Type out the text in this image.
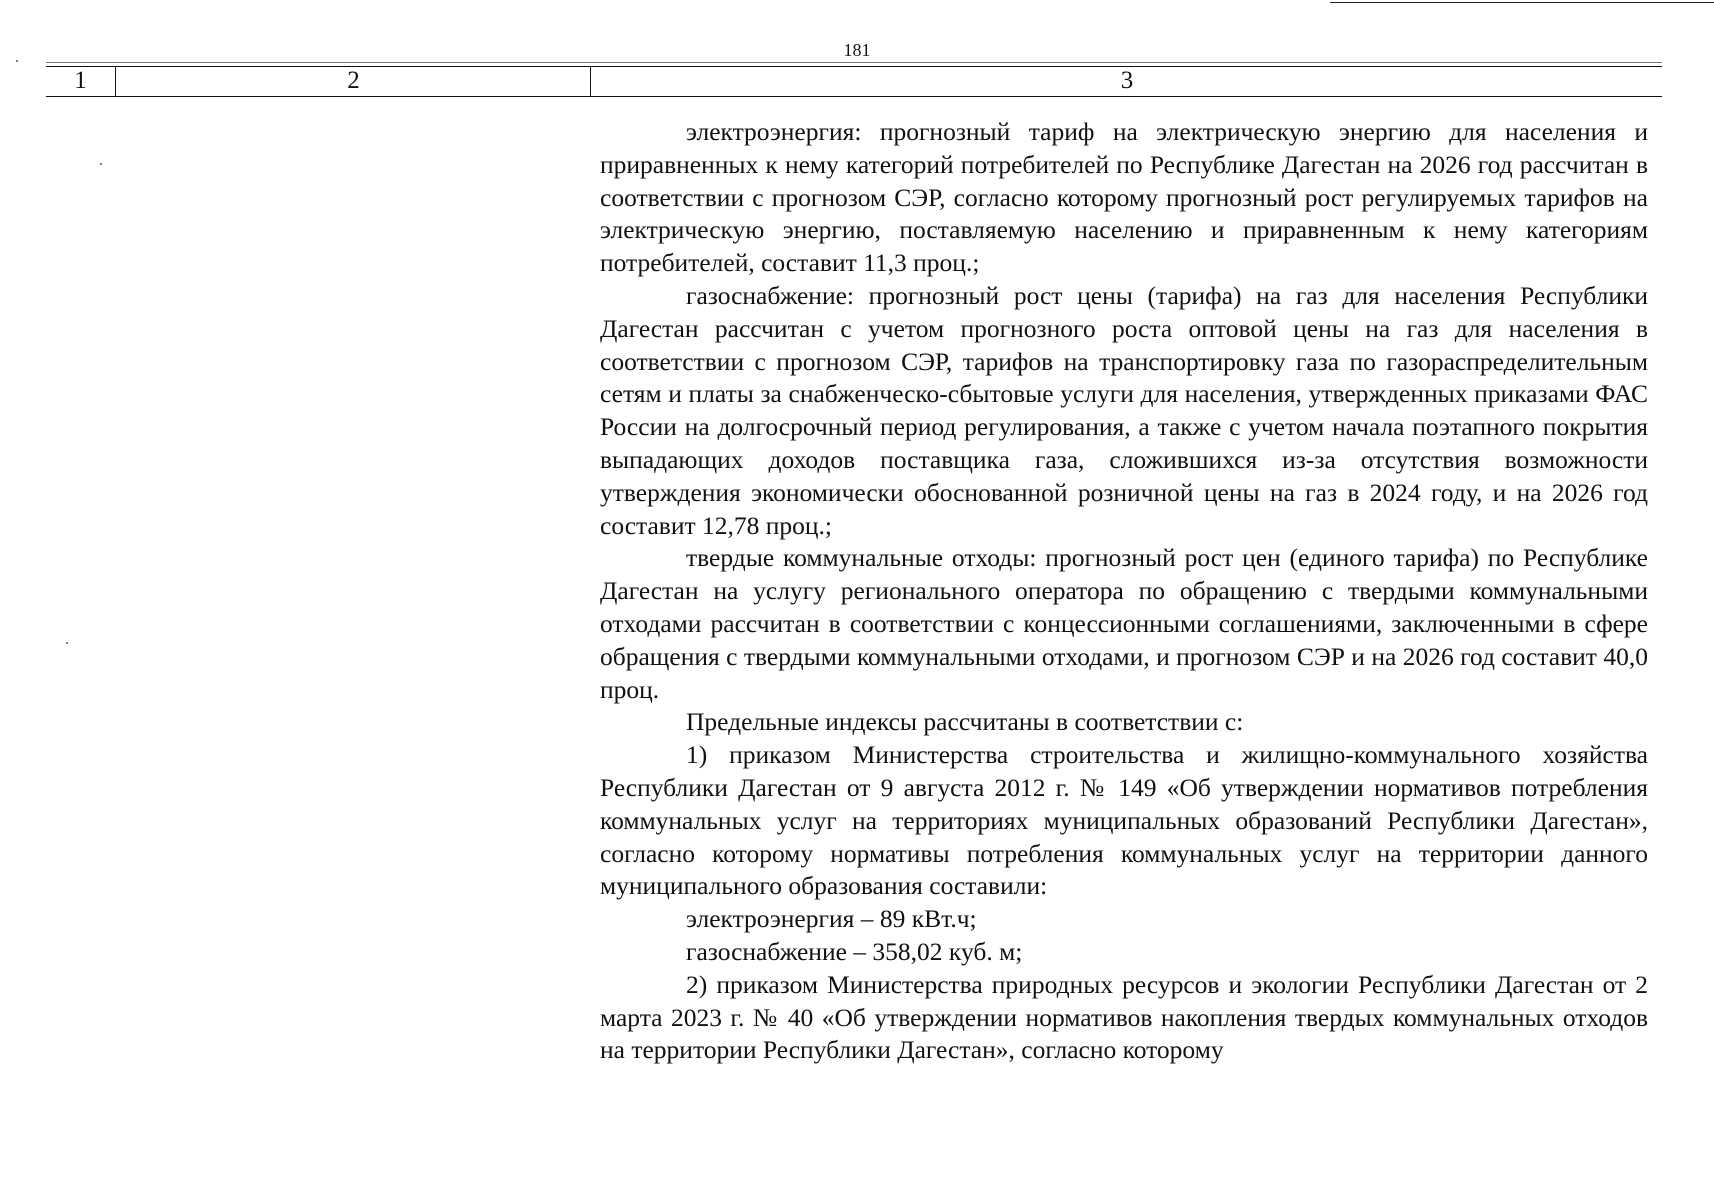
181
1	2	3

электроэнергия: прогнозный тариф на электрическую энергию для населения и приравненных к нему категорий потребителей по Республике Дагестан на 2026 год рассчитан в соответствии с прогнозом СЭР, согласно которому прогнозный рост регулируемых тарифов на электрическую энергию, поставляемую населению и приравненным к нему категориям потребителей, составит 11,3 проц.;

газоснабжение: прогнозный рост цены (тарифа) на газ для населения Республики Дагестан рассчитан с учетом прогнозного роста оптовой цены на газ для населения в соответствии с прогнозом СЭР, тарифов на транспортировку газа по газораспределительным сетям и платы за снабженческо-сбытовые услуги для населения, утвержденных приказами ФАС России на долгосрочный период регулирования, а также с учетом начала поэтапного покрытия выпадающих доходов поставщика газа, сложившихся из-за отсутствия возможности утверждения экономически обоснованной розничной цены на газ в 2024 году, и на 2026 год составит 12,78 проц.;

твердые коммунальные отходы: прогнозный рост цен (единого тарифа) по Республике Дагестан на услугу регионального оператора по обращению с твердыми коммунальными отходами рассчитан в соответствии с концессионными соглашениями, заключенными в сфере обращения с твердыми коммунальными отходами, и прогнозом СЭР и на 2026 год составит 40,0 проц.

Предельные индексы рассчитаны в соответствии с:

1) приказом Министерства строительства и жилищно-коммунального хозяйства Республики Дагестан от 9 августа 2012 г. № 149 «Об утверждении нормативов потребления коммунальных услуг на территориях муниципальных образований Республики Дагестан», согласно которому нормативы потребления коммунальных услуг на территории данного муниципального образования составили:

электроэнергия – 89 кВт.ч;

газоснабжение – 358,02 куб. м;

2) приказом Министерства природных ресурсов и экологии Республики Дагестан от 2 марта 2023 г. № 40 «Об утверждении нормативов накопления твердых коммунальных отходов на территории Республики Дагестан», согласно которому
